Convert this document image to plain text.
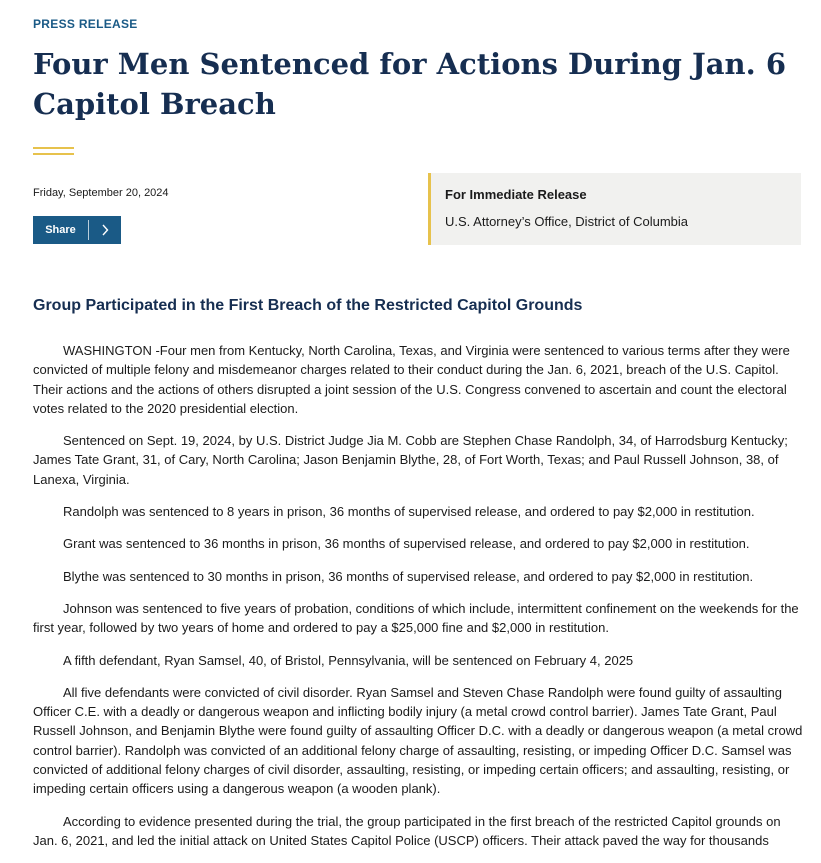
PRESS RELEASE
Four Men Sentenced for Actions During Jan. 6 Capitol Breach
Friday, September 20, 2024
Share
For Immediate Release
U.S. Attorney’s Office, District of Columbia
Group Participated in the First Breach of the Restricted Capitol Grounds

WASHINGTON -Four men from Kentucky, North Carolina, Texas, and Virginia were sentenced to various terms after they were convicted of multiple felony and misdemeanor charges related to their conduct during the Jan. 6, 2021, breach of the U.S. Capitol. Their actions and the actions of others disrupted a joint session of the U.S. Congress convened to ascertain and count the electoral votes related to the 2020 presidential election.

Sentenced on Sept. 19, 2024, by U.S. District Judge Jia M. Cobb are Stephen Chase Randolph, 34, of Harrodsburg Kentucky; James Tate Grant, 31, of Cary, North Carolina; Jason Benjamin Blythe, 28, of Fort Worth, Texas; and Paul Russell Johnson, 38, of Lanexa, Virginia.

Randolph was sentenced to 8 years in prison, 36 months of supervised release, and ordered to pay $2,000 in restitution.

Grant was sentenced to 36 months in prison, 36 months of supervised release, and ordered to pay $2,000 in restitution.

Blythe was sentenced to 30 months in prison, 36 months of supervised release, and ordered to pay $2,000 in restitution.

Johnson was sentenced to five years of probation, conditions of which include, intermittent confinement on the weekends for the first year, followed by two years of home and ordered to pay a $25,000 fine and $2,000 in restitution.

A fifth defendant, Ryan Samsel, 40, of Bristol, Pennsylvania, will be sentenced on February 4, 2025

All five defendants were convicted of civil disorder. Ryan Samsel and Steven Chase Randolph were found guilty of assaulting Officer C.E. with a deadly or dangerous weapon and inflicting bodily injury (a metal crowd control barrier). James Tate Grant, Paul Russell Johnson, and Benjamin Blythe were found guilty of assaulting Officer D.C. with a deadly or dangerous weapon (a metal crowd control barrier). Randolph was convicted of an additional felony charge of assaulting, resisting, or impeding Officer D.C. Samsel was convicted of additional felony charges of civil disorder, assaulting, resisting, or impeding certain officers; and assaulting, resisting, or impeding certain officers using a dangerous weapon (a wooden plank).

According to evidence presented during the trial, the group participated in the first breach of the restricted Capitol grounds on Jan. 6, 2021, and led the initial attack on United States Capitol Police (USCP) officers. Their attack paved the way for thousands
